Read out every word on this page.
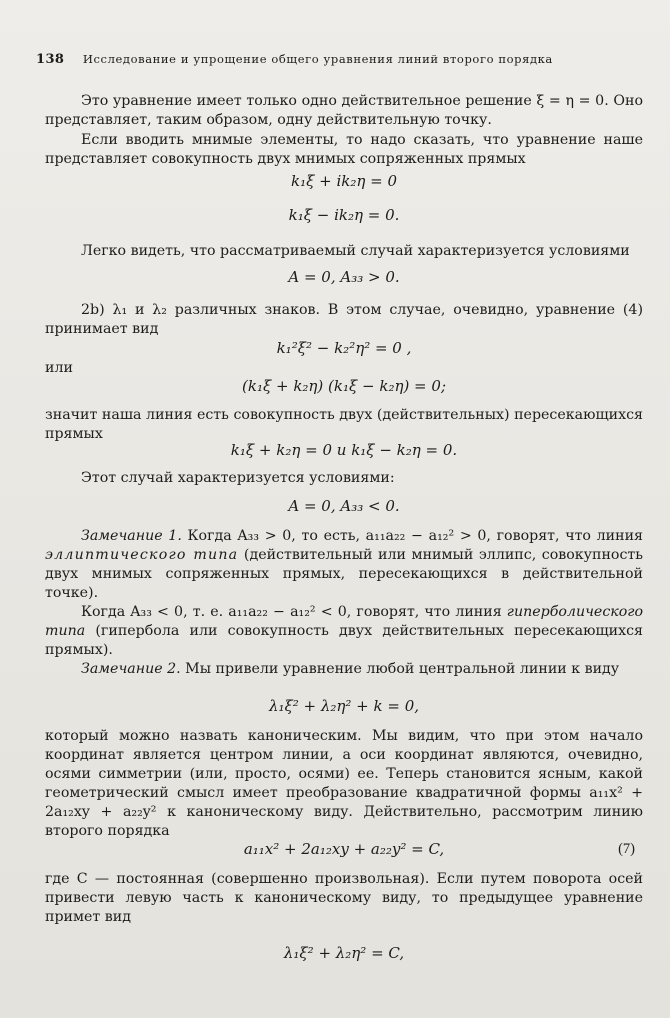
138 Исследование и упрощение общего уравнения линий второго порядка

Это уравнение имеет только одно действительное решение ξ = η = 0. Оно представляет, таким образом, одну действительную точку.

Если вводить мнимые элементы, то надо сказать, что уравнение наше представляет совокупность двух мнимых сопряженных прямых

k₁ξ + ik₂η = 0

k₁ξ − ik₂η = 0.

Легко видеть, что рассматриваемый случай характеризуется условиями

A = 0, A₃₃ > 0.

2b) λ₁ и λ₂ различных знаков. В этом случае, очевидно, уравнение (4) принимает вид

k₁²ξ² − k₂²η² = 0 ,

или

(k₁ξ + k₂η) (k₁ξ − k₂η) = 0;

значит наша линия есть совокупность двух (действительных) пересекающихся прямых

k₁ξ + k₂η = 0 и k₁ξ − k₂η = 0.

Этот случай характеризуется условиями:

A = 0, A₃₃ < 0.

Замечание 1. Когда A₃₃ > 0, то есть, a₁₁a₂₂ − a₁₂² > 0, говорят, что линия эллиптического типа (действительный или мнимый эллипс, совокупность двух мнимых сопряженных прямых, пересекающихся в действительной точке).

Когда A₃₃ < 0, т. е. a₁₁a₂₂ − a₁₂² < 0, говорят, что линия гиперболического типа (гипербола или совокупность двух действительных пересекающихся прямых).

Замечание 2. Мы привели уравнение любой центральной линии к виду

λ₁ξ² + λ₂η² + k = 0,

который можно назвать каноническим. Мы видим, что при этом начало координат является центром линии, а оси координат являются, очевидно, осями симметрии (или, просто, осями) ее. Теперь становится ясным, какой геометрический смысл имеет преобразование квадратичной формы a₁₁x² + 2a₁₂xy + a₂₂y² к каноническому виду. Действительно, рассмотрим линию второго порядка

a₁₁x² + 2a₁₂xy + a₂₂y² = C,	(7)

где C — постоянная (совершенно произвольная). Если путем поворота осей привести левую часть к каноническому виду, то предыдущее уравнение примет вид

λ₁ξ² + λ₂η² = C,
